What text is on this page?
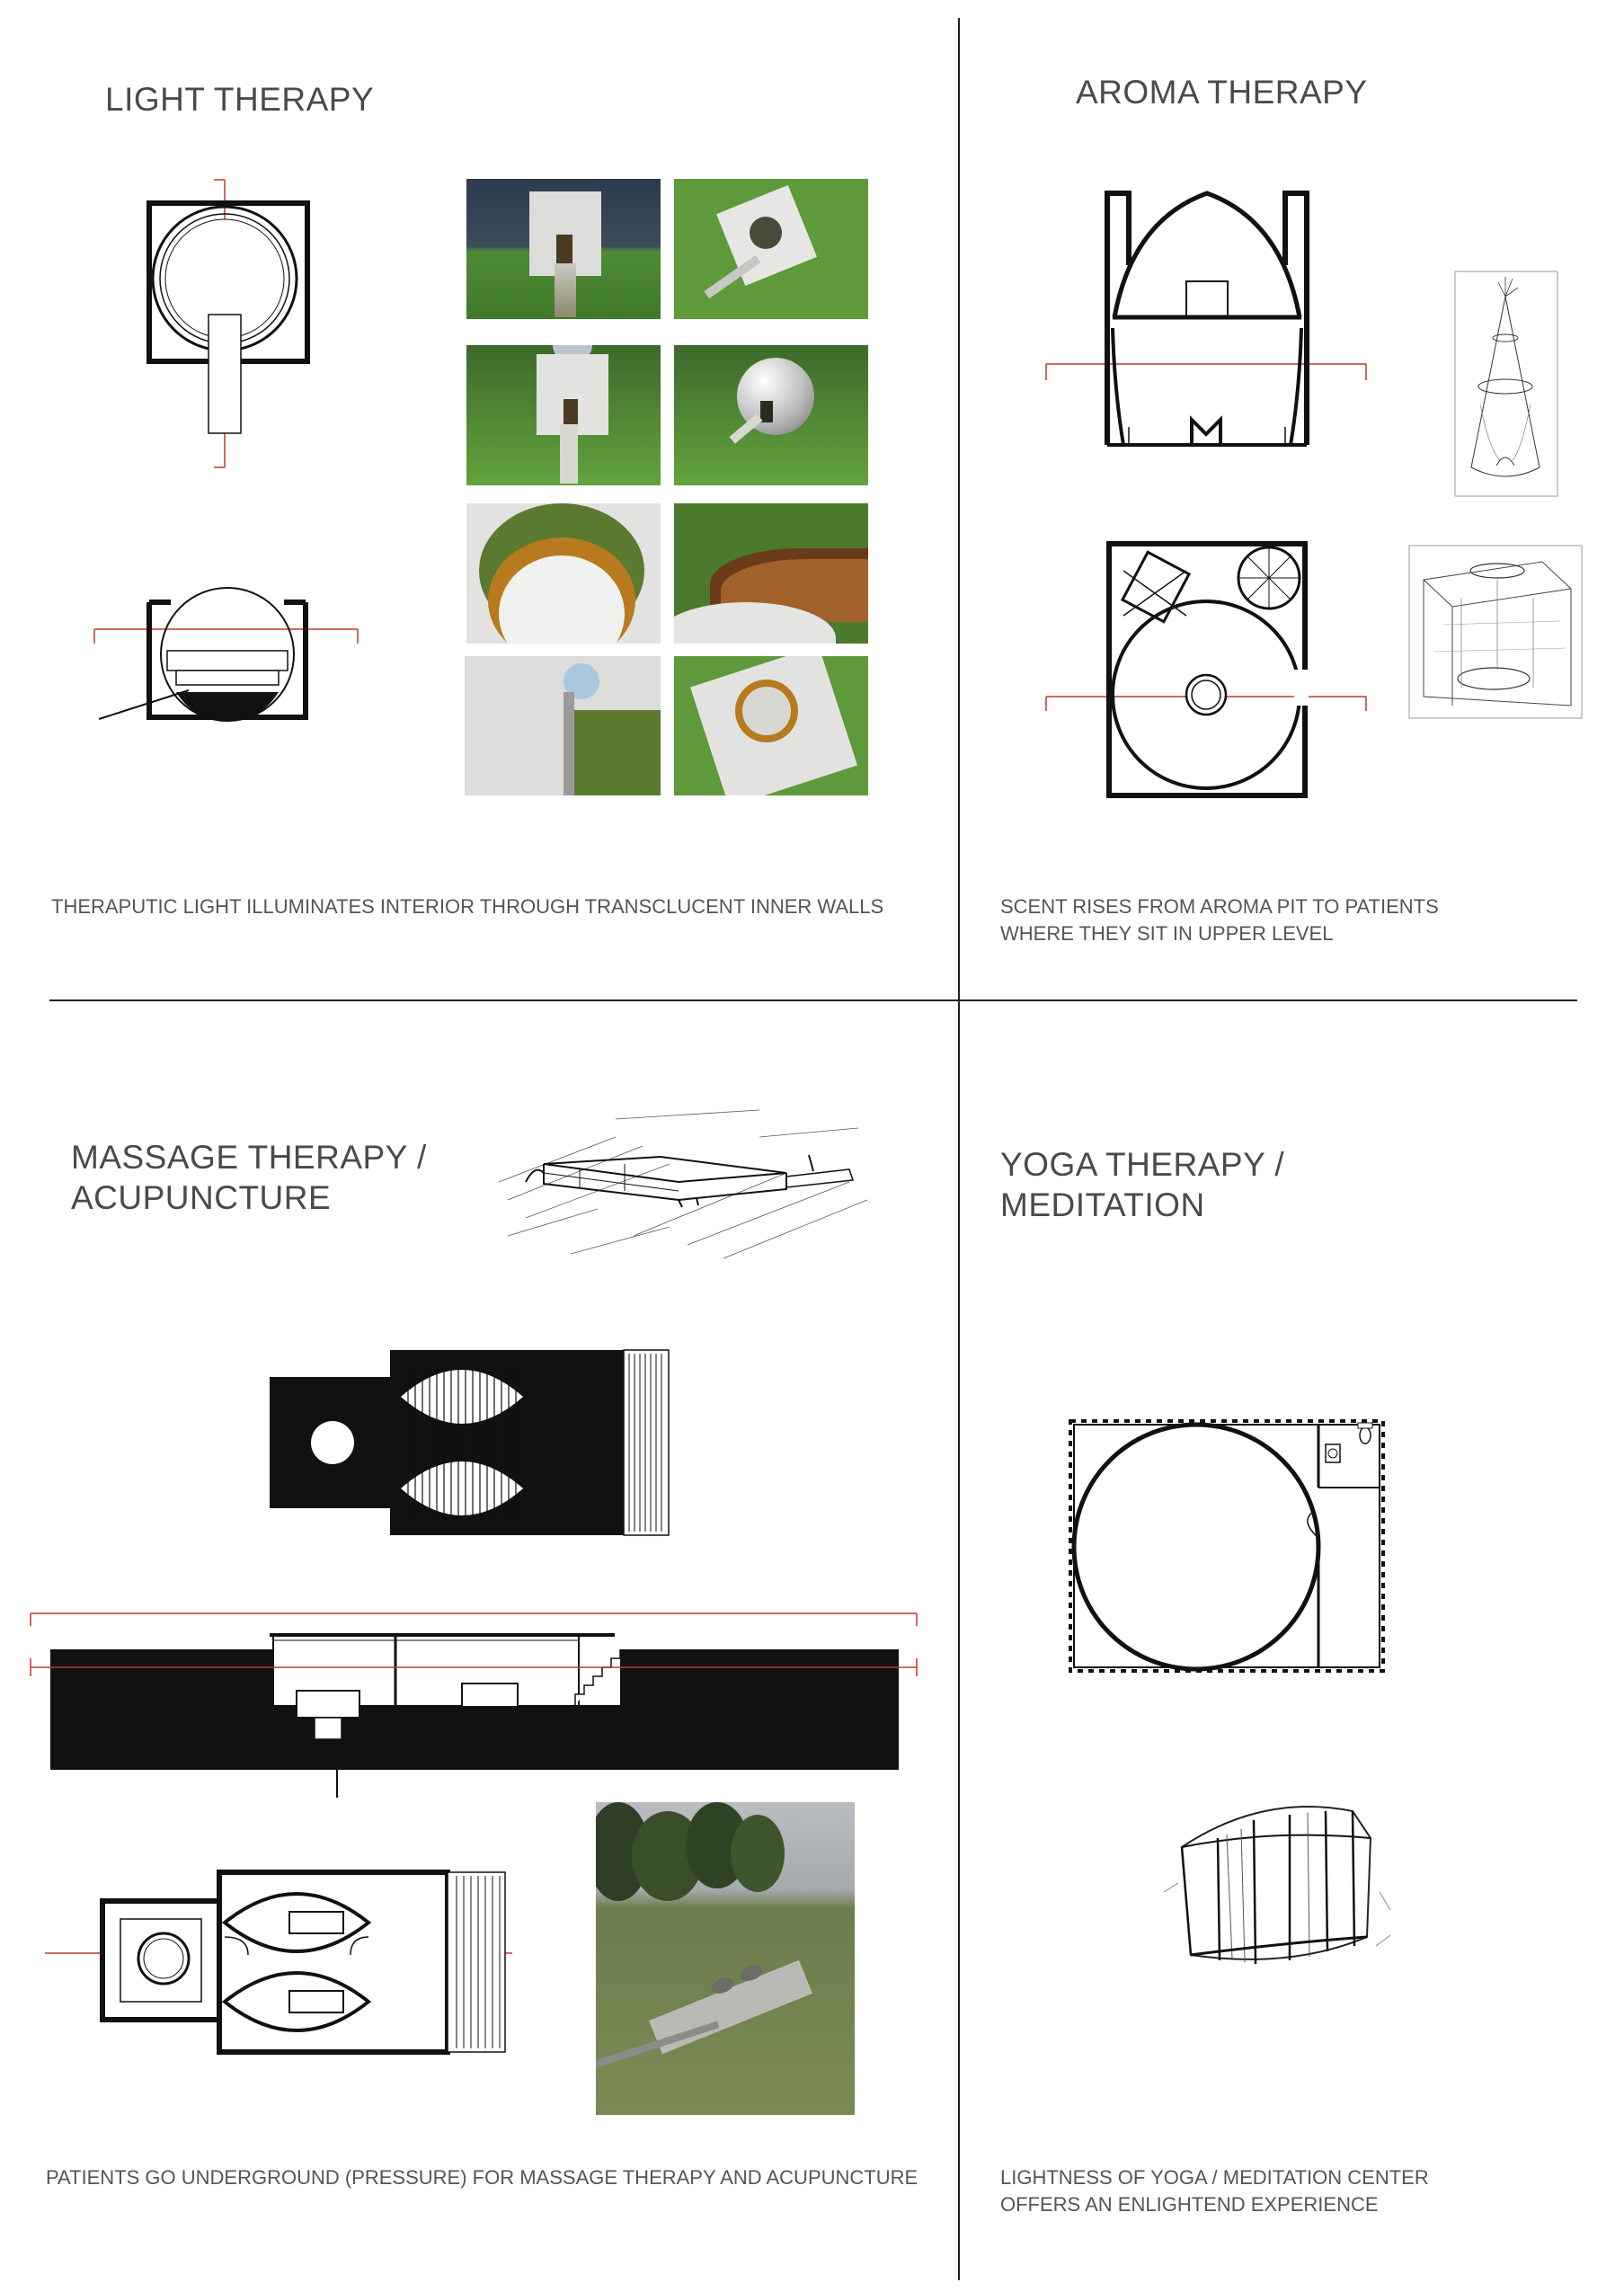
LIGHT THERAPY

THERAPUTIC LIGHT ILLUMINATES INTERIOR THROUGH TRANSCLUCENT INNER WALLS

AROMA THERAPY

SCENT RISES FROM AROMA PIT TO PATIENTS

WHERE THEY SIT IN UPPER LEVEL

MASSAGE THERAPY /
ACUPUNCTURE

PATIENTS GO UNDERGROUND (PRESSURE) FOR MASSAGE THERAPY AND ACUPUNCTURE

YOGA THERAPY /
MEDITATION

LIGHTNESS OF YOGA / MEDITATION CENTER

OFFERS AN ENLIGHTEND EXPERIENCE
